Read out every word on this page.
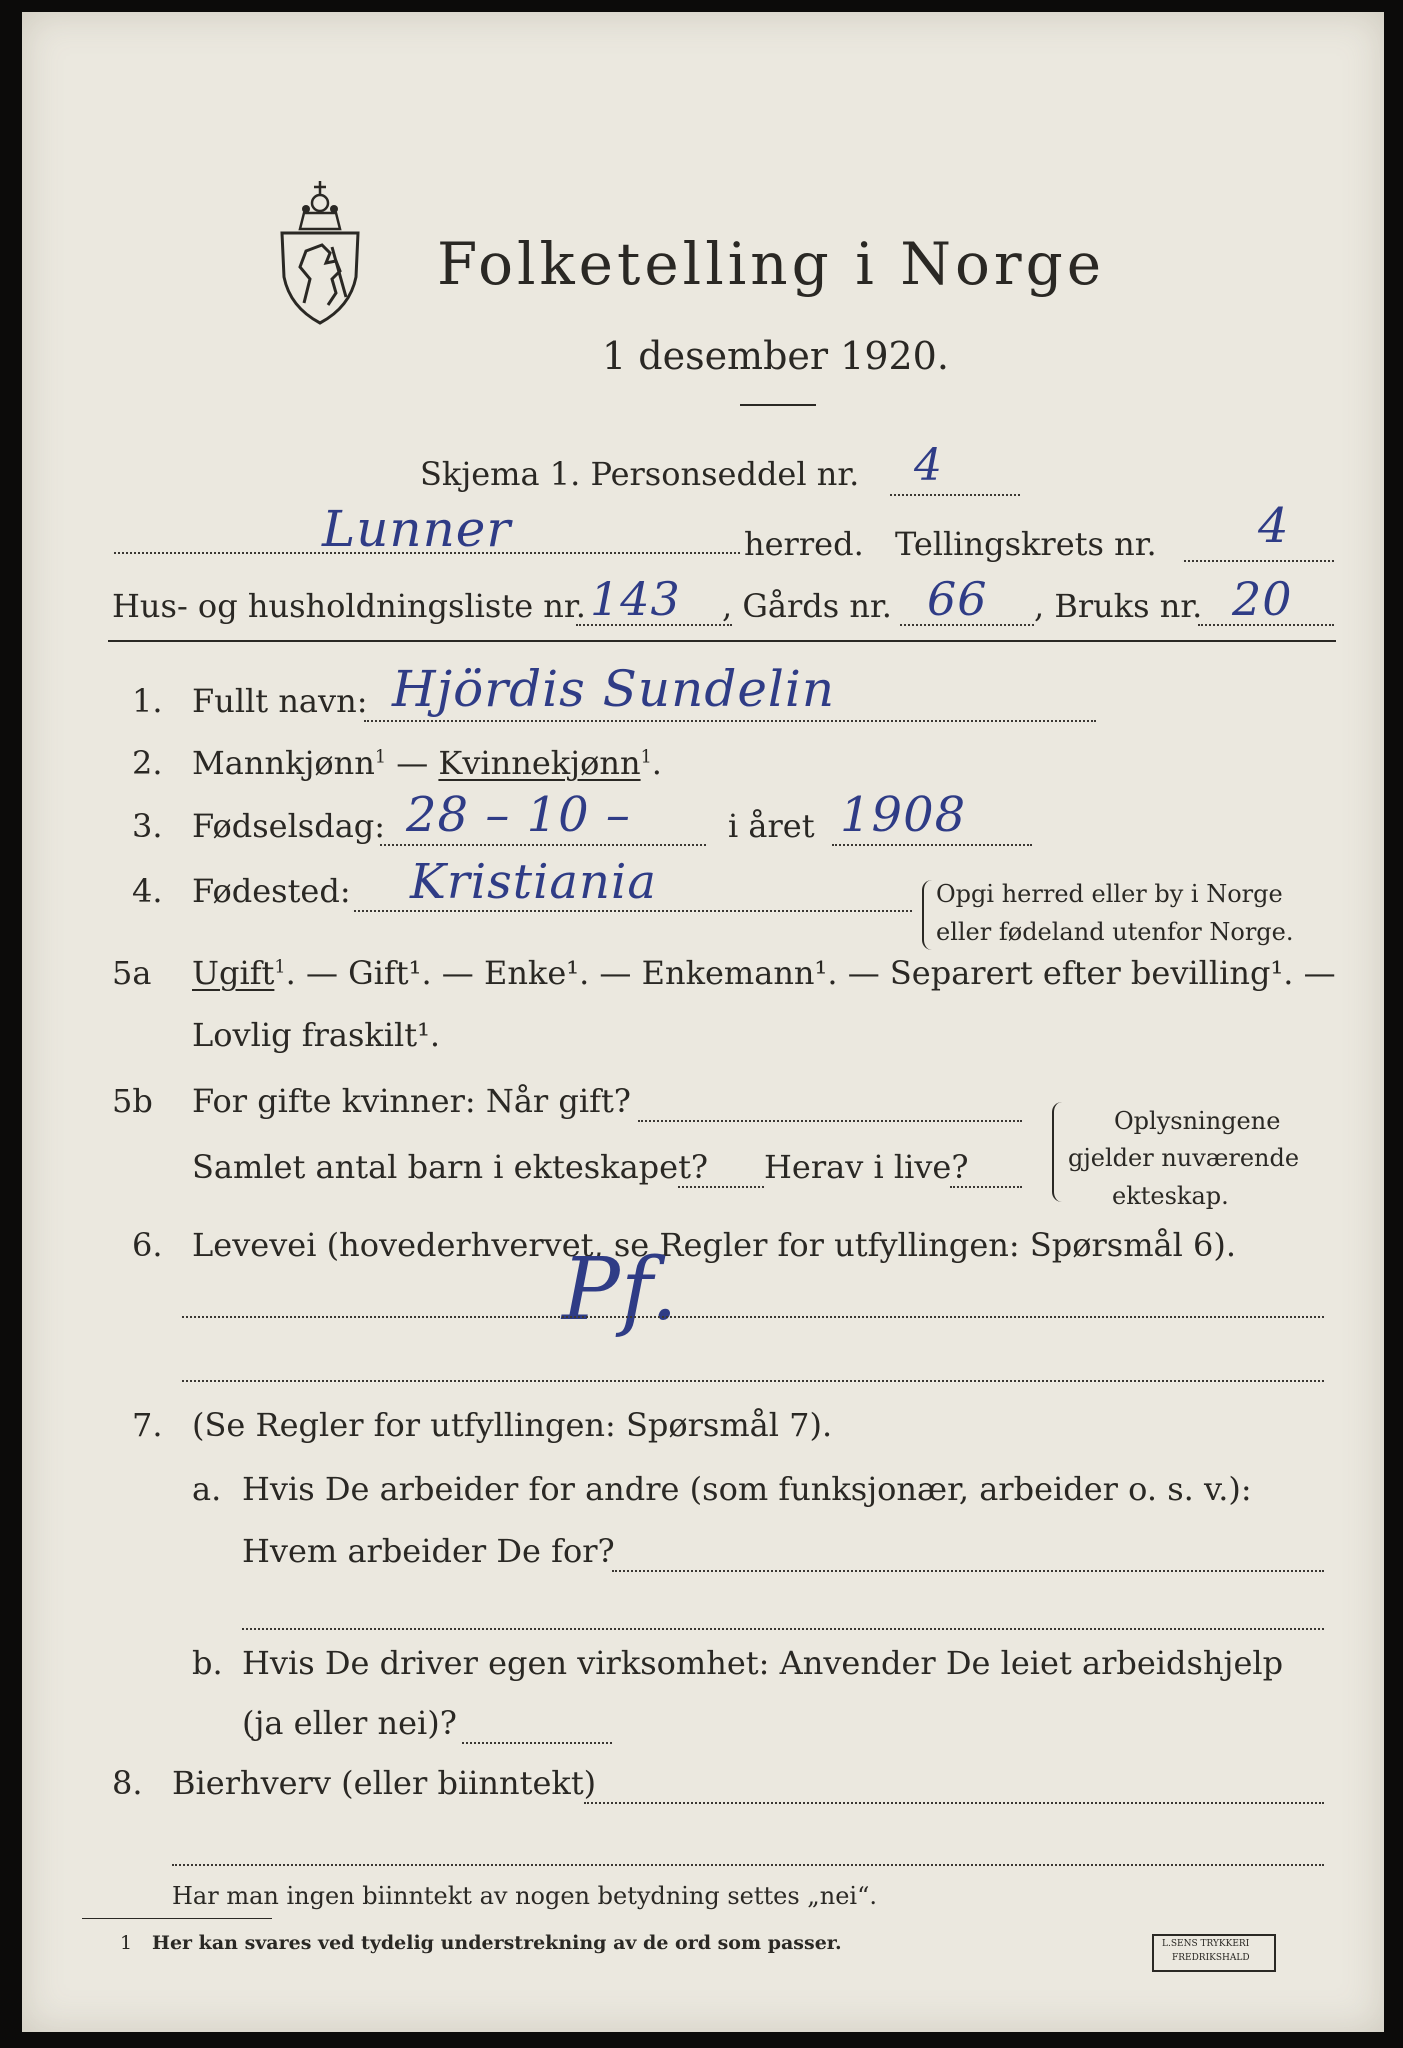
Folketelling i Norge
1 desember 1920.
Skjema 1. Personseddel nr. 4
Lunner	herred. Tellingskrets nr. 4
Hus- og husholdningsliste nr. 143 , Gårds nr. 66 , Bruks nr. 20
1. Fullt navn: Hjördis Sundelin
2. Mannkjønn$^1$ — Kvinnekjønn$^1$.
3. Fødselsdag: 28 – 10 –	i året 1908
4. Fødested: Kristiania	Opgi herred eller by i Norge
eller fødeland utenfor Norge.
5a Ugift$^1$. — Gift¹. — Enke¹. — Enkemann¹. — Separert efter bevilling¹. —
Lovlig fraskilt¹.
5b For gifte kvinner: Når gift?
Samlet antal barn i ekteskapet? Herav i live?
Oplysningene
gjelder nuværende
ekteskap.
6. Levevei (hovederhvervet, se Regler for utfyllingen: Spørsmål 6).
Pf.
7. (Se Regler for utfyllingen: Spørsmål 7).
a. Hvis De arbeider for andre (som funksjonær, arbeider o. s. v.):
Hvem arbeider De for?
b. Hvis De driver egen virksomhet: Anvender De leiet arbeidshjelp
(ja eller nei)?
8. Bierhverv (eller biinntekt)
Har man ingen biinntekt av nogen betydning settes „nei“.
1 Her kan svares ved tydelig understrekning av de ord som passer.	L.SENS TRYKKERI
FREDRIKSHALD
